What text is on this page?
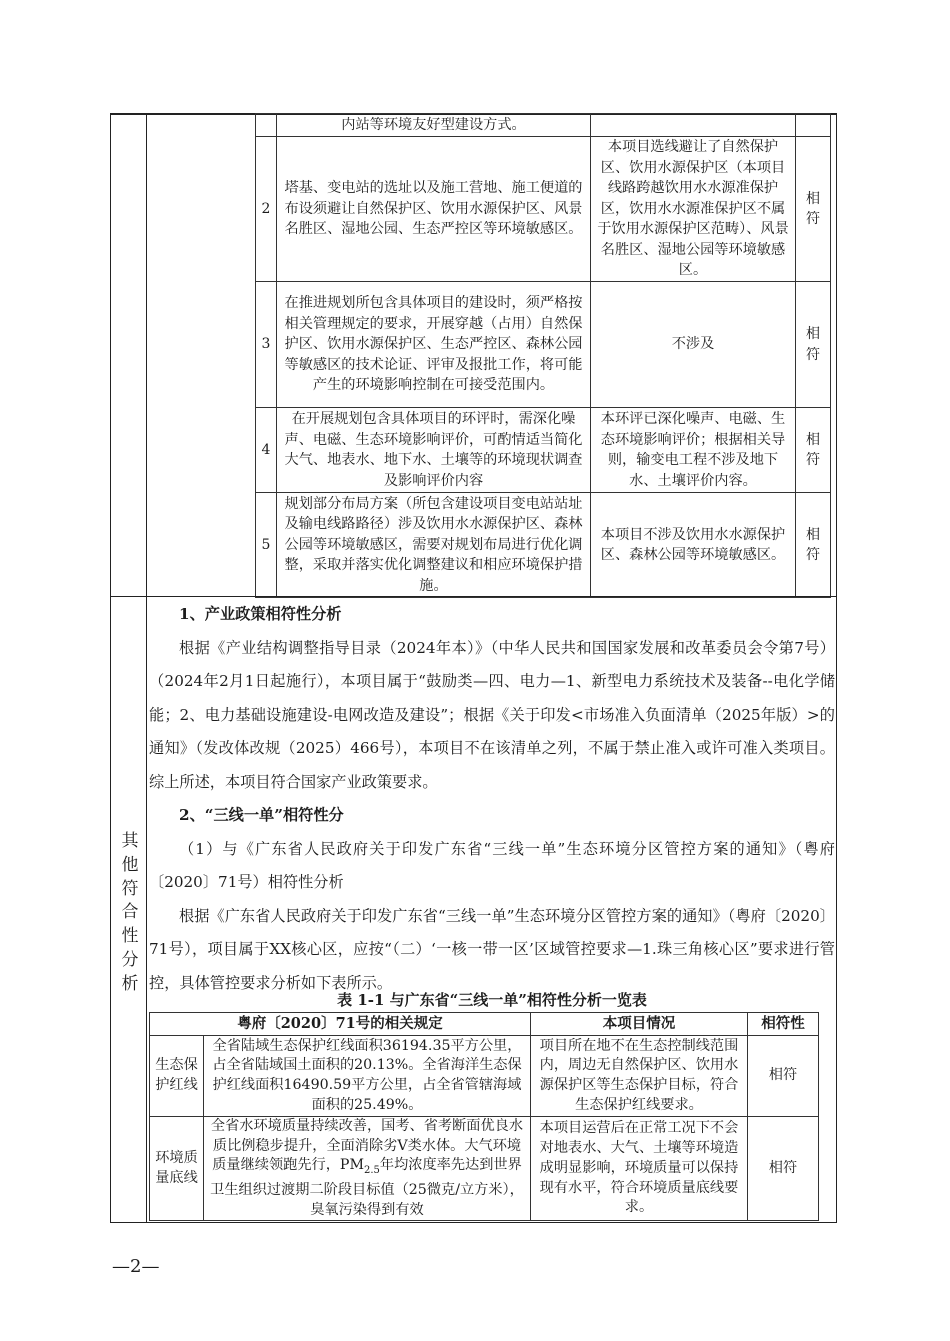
	内站等环境友好型建设方式。		
2	塔基、变电站的选址以及施工营地、施工便道的布设须避让自然保护区、饮用水源保护区、风景名胜区、湿地公园、生态严控区等环境敏感区。	本项目选线避让了自然保护区、饮用水源保护区（本项目线路跨越饮用水水源准保护区，饮用水水源准保护区不属于饮用水源保护区范畴）、风景名胜区、湿地公园等环境敏感区。	相符
3	在推进规划所包含具体项目的建设时，须严格按相关管理规定的要求，开展穿越（占用）自然保护区、饮用水源保护区、生态严控区、森林公园等敏感区的技术论证、评审及报批工作，将可能产生的环境影响控制在可接受范围内。	不涉及	相符
4	在开展规划包含具体项目的环评时，需深化噪声、电磁、生态环境影响评价，可酌情适当简化大气、地表水、地下水、土壤等的环境现状调查及影响评价内容	本环评已深化噪声、电磁、生态环境影响评价；根据相关导则，输变电工程不涉及地下水、土壤评价内容。	相符
5	规划部分布局方案（所包含建设项目变电站站址及输电线路路径）涉及饮用水水源保护区、森林公园等环境敏感区，需要对规划布局进行优化调整，采取并落实优化调整建议和相应环境保护措施。	本项目不涉及饮用水水源保护区、森林公园等环境敏感区。	相符
其他符合性分析

1、产业政策相符性分析

根据《产业结构调整指导目录（2024年本）》（中华人民共和国国家发展和改革委员会令第7号）（2024年2月1日起施行），本项目属于“鼓励类—四、电力—1、新型电力系统技术及装备--电化学储能；2、电力基础设施建设-电网改造及建设”；根据《关于印发<市场准入负面清单（2025年版）>的通知》（发改体改规（2025）466号），本项目不在该清单之列，不属于禁止准入或许可准入类项目。综上所述，本项目符合国家产业政策要求。

2、“三线一单”相符性分

（1）与《广东省人民政府关于印发广东省“三线一单”生态环境分区管控方案的通知》（粤府〔2020〕71号）相符性分析

根据《广东省人民政府关于印发广东省“三线一单”生态环境分区管控方案的通知》（粤府〔2020〕71号），项目属于XX核心区，应按“（二）‘一核一带一区’区域管控要求—1.珠三角核心区”要求进行管控，具体管控要求分析如下表所示。

表 1-1 与广东省“三线一单”相符性分析一览表
粤府〔2020〕71号的相关规定		本项目情况	相符性
生态保护红线	全省陆域生态保护红线面积36194.35平方公里，占全省陆域国土面积的20.13%。全省海洋生态保护红线面积16490.59平方公里，占全省管辖海域面积的25.49%。	项目所在地不在生态控制线范围内，周边无自然保护区、饮用水源保护区等生态保护目标，符合生态保护红线要求。	相符
环境质量底线	全省水环境质量持续改善，国考、省考断面优良水质比例稳步提升，全面消除劣Ⅴ类水体。大气环境质量继续领跑先行，$PM_{2.5}$年均浓度率先达到世界卫生组织过渡期二阶段目标值（25微克/立方米），臭氧污染得到有效	本项目运营后在正常工况下不会对地表水、大气、土壤等环境造成明显影响，环境质量可以保持现有水平，符合环境质量底线要求。	相符
—2—
